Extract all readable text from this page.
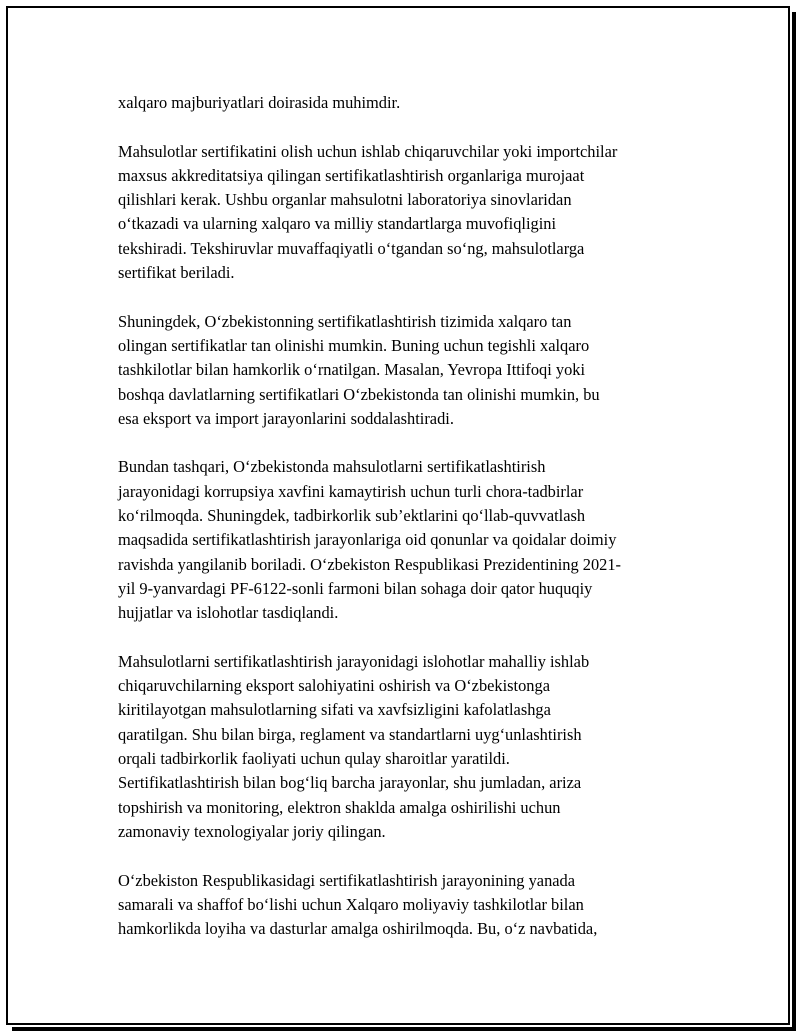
xalqaro majburiyatlari doirasida muhimdir.

Mahsulotlar sertifikatini olish uchun ishlab chiqaruvchilar yoki importchilar
maxsus akkreditatsiya qilingan sertifikatlashtirish organlariga murojaat
qilishlari kerak. Ushbu organlar mahsulotni laboratoriya sinovlaridan
o‘tkazadi va ularning xalqaro va milliy standartlarga muvofiqligini
tekshiradi. Tekshiruvlar muvaffaqiyatli o‘tgandan so‘ng, mahsulotlarga
sertifikat beriladi.

Shuningdek, O‘zbekistonning sertifikatlashtirish tizimida xalqaro tan
olingan sertifikatlar tan olinishi mumkin. Buning uchun tegishli xalqaro
tashkilotlar bilan hamkorlik o‘rnatilgan. Masalan, Yevropa Ittifoqi yoki
boshqa davlatlarning sertifikatlari O‘zbekistonda tan olinishi mumkin, bu
esa eksport va import jarayonlarini soddalashtiradi.

Bundan tashqari, O‘zbekistonda mahsulotlarni sertifikatlashtirish
jarayonidagi korrupsiya xavfini kamaytirish uchun turli chora-tadbirlar
ko‘rilmoqda. Shuningdek, tadbirkorlik sub’ektlarini qo‘llab-quvvatlash
maqsadida sertifikatlashtirish jarayonlariga oid qonunlar va qoidalar doimiy
ravishda yangilanib boriladi. O‘zbekiston Respublikasi Prezidentining 2021-
yil 9-yanvardagi PF-6122-sonli farmoni bilan sohaga doir qator huquqiy
hujjatlar va islohotlar tasdiqlandi.

Mahsulotlarni sertifikatlashtirish jarayonidagi islohotlar mahalliy ishlab
chiqaruvchilarning eksport salohiyatini oshirish va O‘zbekistonga
kiritilayotgan mahsulotlarning sifati va xavfsizligini kafolatlashga
qaratilgan. Shu bilan birga, reglament va standartlarni uyg‘unlashtirish
orqali tadbirkorlik faoliyati uchun qulay sharoitlar yaratildi.
Sertifikatlashtirish bilan bog‘liq barcha jarayonlar, shu jumladan, ariza
topshirish va monitoring, elektron shaklda amalga oshirilishi uchun
zamonaviy texnologiyalar joriy qilingan.

O‘zbekiston Respublikasidagi sertifikatlashtirish jarayonining yanada
samarali va shaffof bo‘lishi uchun Xalqaro moliyaviy tashkilotlar bilan
hamkorlikda loyiha va dasturlar amalga oshirilmoqda. Bu, o‘z navbatida,
